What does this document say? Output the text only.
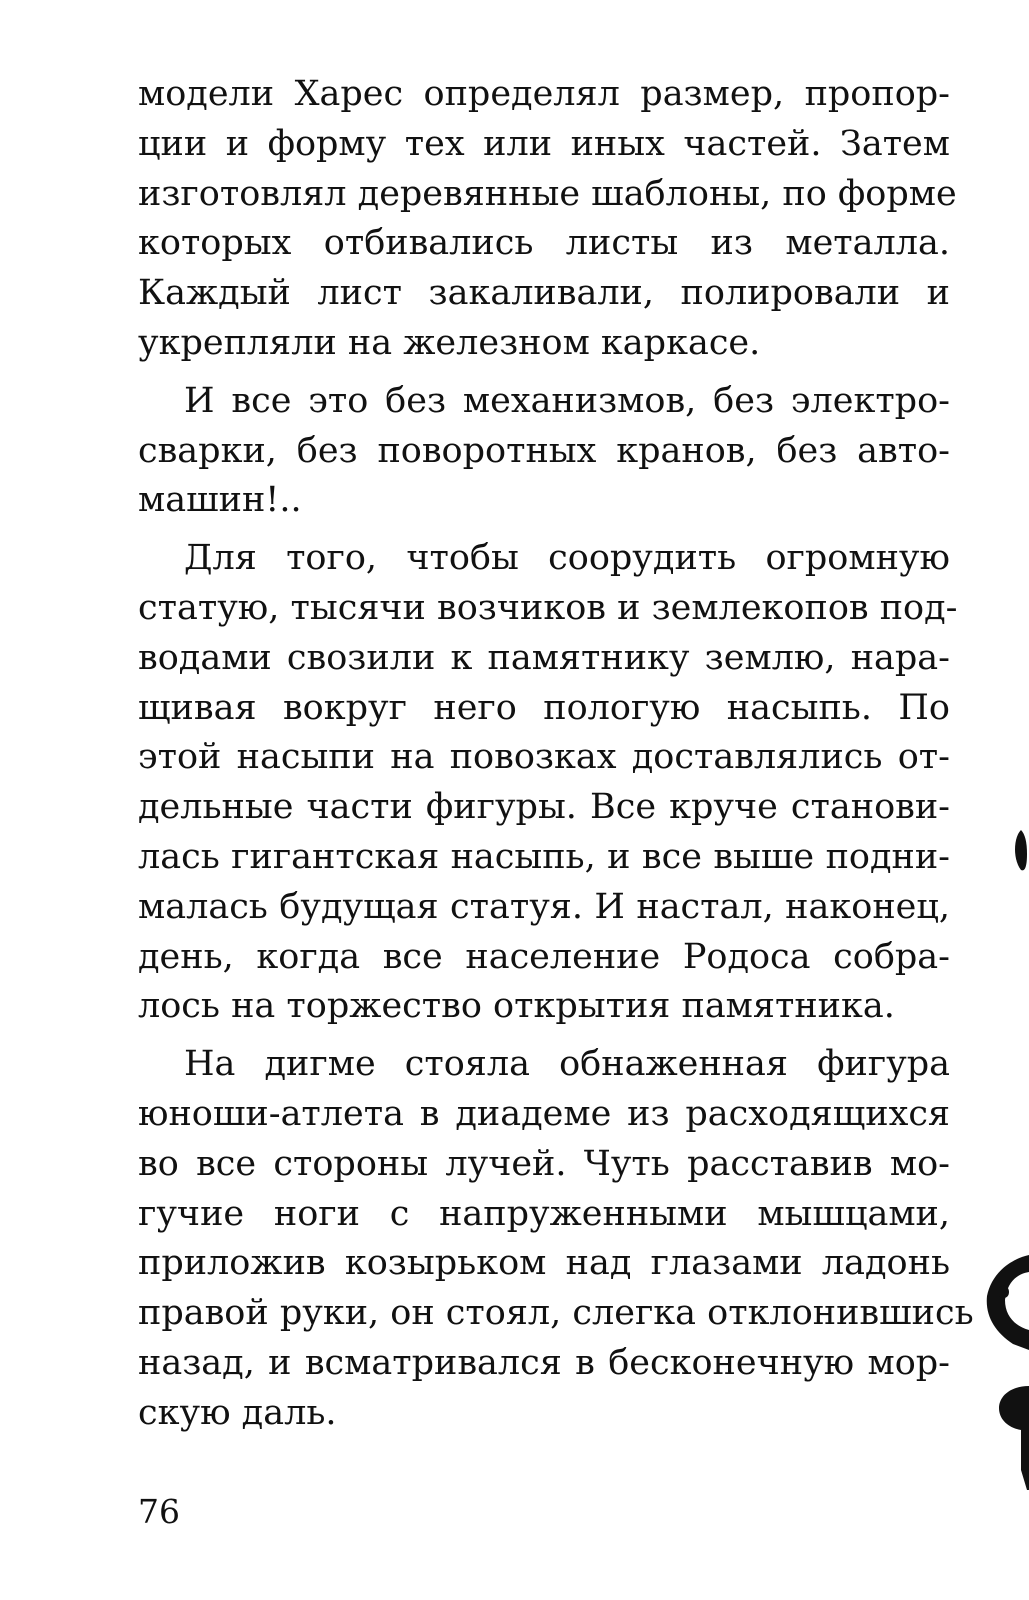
модели Харес определял размер, пропор-
ции и форму тех или иных частей. Затем
изготовлял деревянные шаблоны, по форме
которых отбивались листы из металла.
Каждый лист закаливали, полировали и
укрепляли на железном каркасе.
И все это без механизмов, без электро-
сварки, без поворотных кранов, без авто-
машин!..
Для того, чтобы соорудить огромную
статую, тысячи возчиков и землекопов под-
водами свозили к памятнику землю, нара-
щивая вокруг него пологую насыпь. По
этой насыпи на повозках доставлялись от-
дельные части фигуры. Все круче станови-
лась гигантская насыпь, и все выше подни-
малась будущая статуя. И настал, наконец,
день, когда все население Родоса собра-
лось на торжество открытия памятника.
На дигме стояла обнаженная фигура
юноши-атлета в диадеме из расходящихся
во все стороны лучей. Чуть расставив мо-
гучие ноги с напруженными мышцами,
приложив козырьком над глазами ладонь
правой руки, он стоял, слегка отклонившись
назад, и всматривался в бесконечную мор-
скую даль.
76
